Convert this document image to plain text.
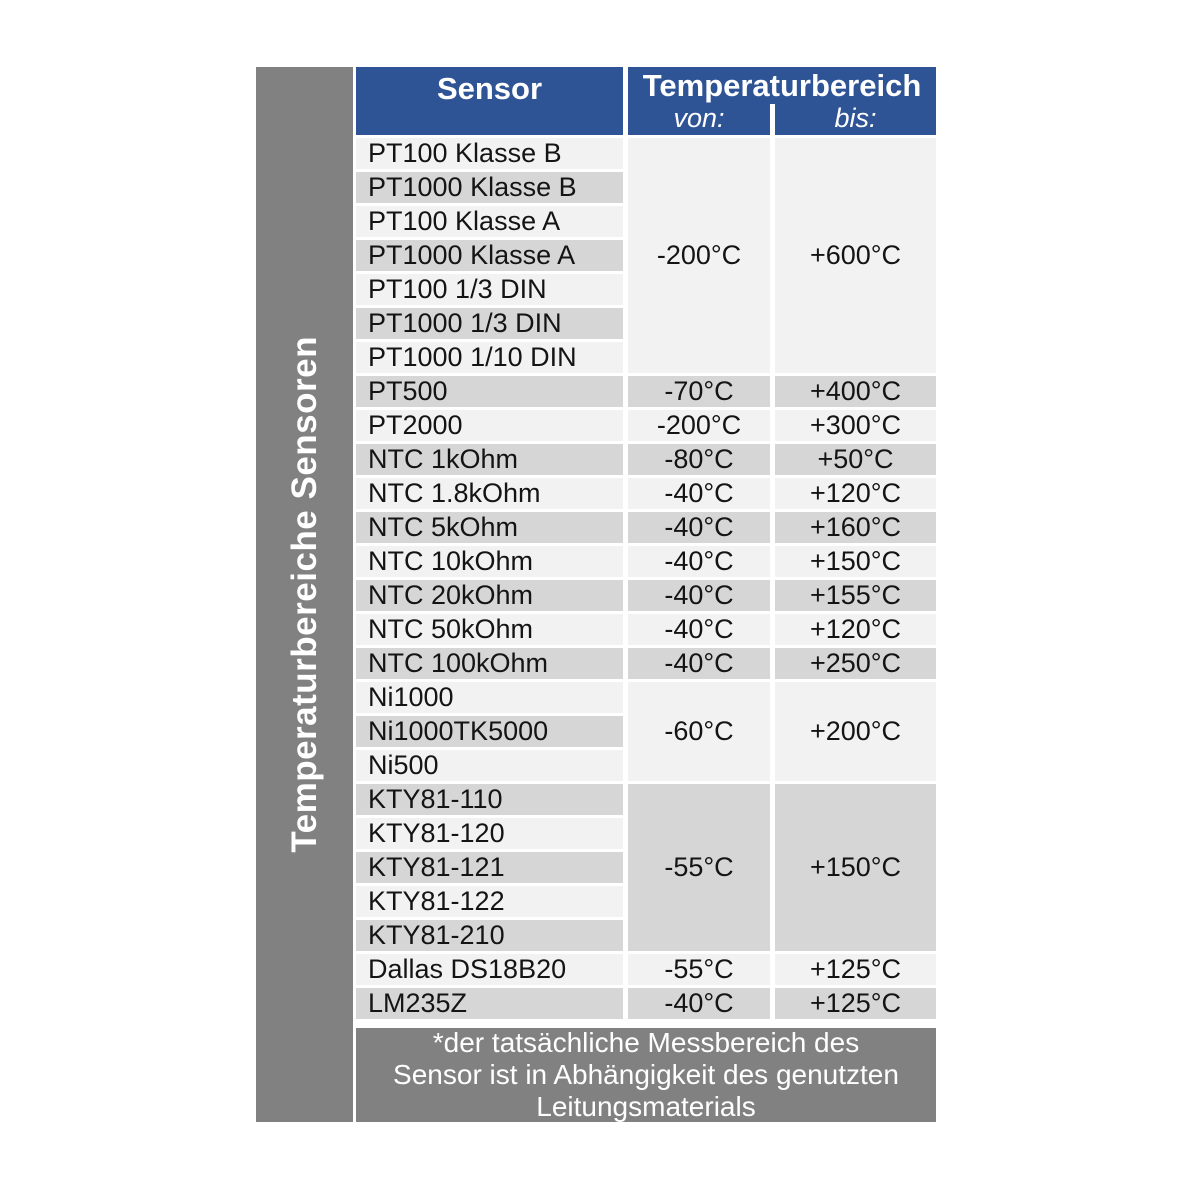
Temperaturbereiche Sensoren
Sensor	Temperaturbereich	
	von:	bis:
PT100 Klasse B	-200°C	+600°C
PT1000 Klasse B		
PT100 Klasse A		
PT1000 Klasse A		
PT100 1/3 DIN		
PT1000 1/3 DIN		
PT1000 1/10 DIN		
PT500	-70°C	+400°C
PT2000	-200°C	+300°C
NTC 1kOhm	-80°C	+50°C
NTC 1.8kOhm	-40°C	+120°C
NTC 5kOhm	-40°C	+160°C
NTC 10kOhm	-40°C	+150°C
NTC 20kOhm	-40°C	+155°C
NTC 50kOhm	-40°C	+120°C
NTC 100kOhm	-40°C	+250°C
Ni1000	-60°C	+200°C
Ni1000TK5000		
Ni500		
KTY81-110	-55°C	+150°C
KTY81-120		
KTY81-121		
KTY81-122		
KTY81-210		
Dallas DS18B20	-55°C	+125°C
LM235Z	-40°C	+125°C
*der tatsächliche Messbereich des
Sensor ist in Abhängigkeit des genutzten
Leitungsmaterials
